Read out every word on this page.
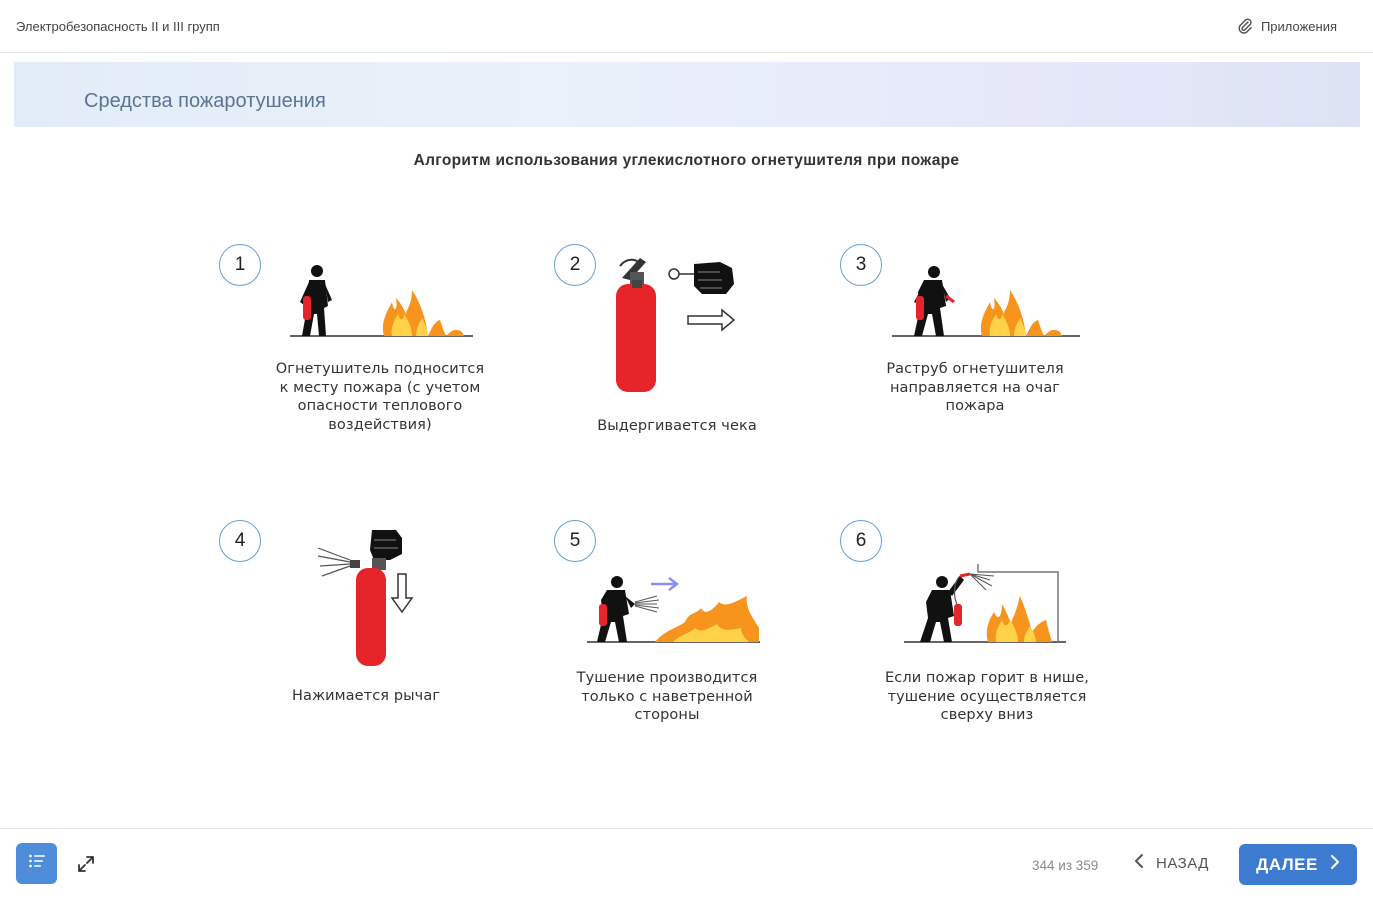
Электробезопасность II и III групп	Приложения
Средства пожаротушения
Алгоритм использования углекислотного огнетушителя при пожаре
1
Огнетушитель подносится
к месту пожара (с учетом
опасности теплового
воздействия)
2
Выдергивается чека
3
Раструб огнетушителя
направляется на очаг
пожара
4
Нажимается рычаг
5
Тушение производится
только с наветренной
стороны
6
Если пожар горит в нише,
тушение осуществляется
сверху вниз
344 из 359	НАЗАД	ДАЛЕЕ
